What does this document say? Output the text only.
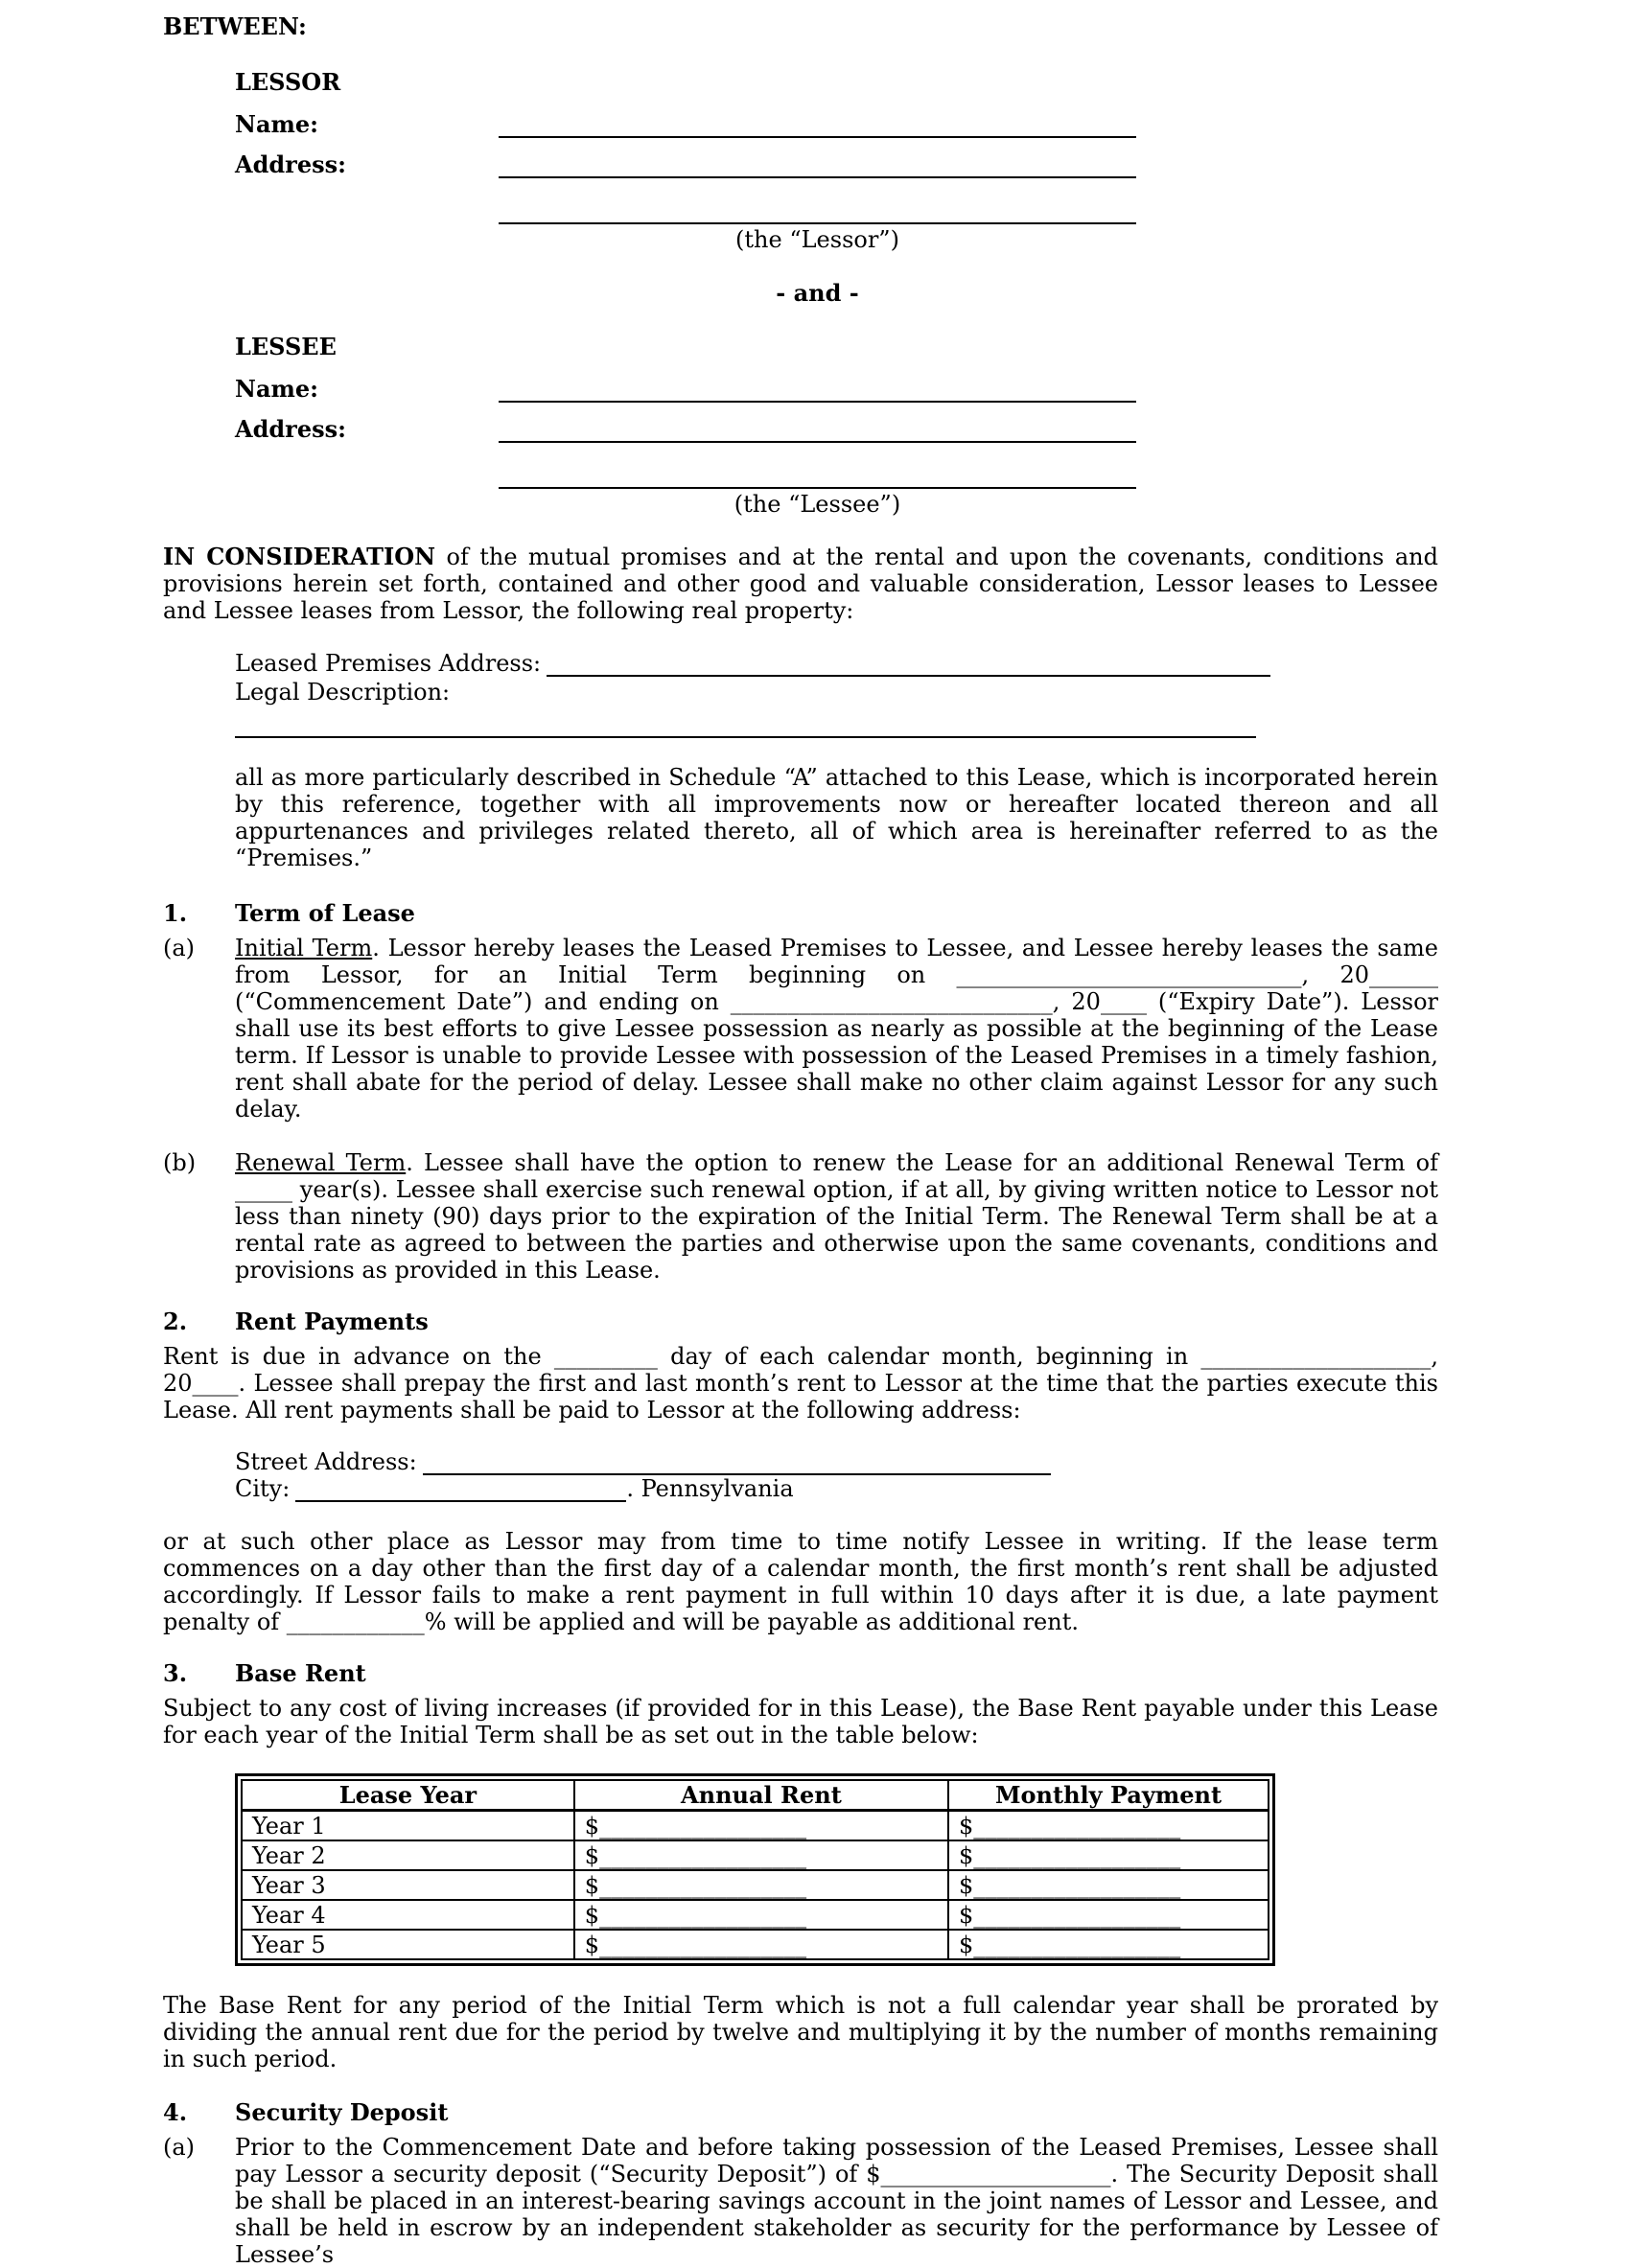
BETWEEN:
LESSOR
Name:
Address:
(the “Lessor”)
- and -
LESSEE
Name:
Address:
(the “Lessee”)

IN CONSIDERATION of the mutual promises and at the rental and upon the covenants, conditions and provisions herein set forth, contained and other good and valuable consideration, Lessor leases to Lessee and Lessee leases from Lessor, the following real property:

Leased Premises Address:
Legal Description:

all as more particularly described in Schedule “A” attached to this Lease, which is incorporated herein by this reference, together with all improvements now or hereafter located thereon and all appurtenances and privileges related thereto, all of which area is hereinafter referred to as the “Premises.”

1.	Term of Lease
(a)	Initial Term. Lessor hereby leases the Leased Premises to Lessee, and Lessee hereby leases the same from Lessor, for an Initial Term beginning on ______________________________, 20______ (“Commencement Date”) and ending on ____________________________, 20____ (“Expiry Date”). Lessor shall use its best efforts to give Lessee possession as nearly as possible at the beginning of the Lease term. If Lessor is unable to provide Lessee with possession of the Leased Premises in a timely fashion, rent shall abate for the period of delay. Lessee shall make no other claim against Lessor for any such delay.

(b)	Renewal Term. Lessee shall have the option to renew the Lease for an additional Renewal Term of _____ year(s). Lessee shall exercise such renewal option, if at all, by giving written notice to Lessor not less than ninety (90) days prior to the expiration of the Initial Term. The Renewal Term shall be at a rental rate as agreed to between the parties and otherwise upon the same covenants, conditions and provisions as provided in this Lease.

2.	Rent Payments

Rent is due in advance on the _________ day of each calendar month, beginning in ____________________, 20____. Lessee shall prepay the first and last month’s rent to Lessor at the time that the parties execute this Lease. All rent payments shall be paid to Lessor at the following address:

Street Address:
City:	. Pennsylvania

or at such other place as Lessor may from time to time notify Lessee in writing. If the lease term commences on a day other than the first day of a calendar month, the first month’s rent shall be adjusted accordingly. If Lessor fails to make a rent payment in full within 10 days after it is due, a late payment penalty of ____________% will be applied and will be payable as additional rent.

3.	Base Rent

Subject to any cost of living increases (if provided for in this Lease), the Base Rent payable under this Lease for each year of the Initial Term shall be as set out in the table below:

Lease Year	Annual Rent	Monthly Payment
Year 1	$__________________	$__________________
Year 2	$__________________	$__________________
Year 3	$__________________	$__________________
Year 4	$__________________	$__________________
Year 5	$__________________	$__________________

The Base Rent for any period of the Initial Term which is not a full calendar year shall be prorated by dividing the annual rent due for the period by twelve and multiplying it by the number of months remaining in such period.

4.	Security Deposit
(a)	Prior to the Commencement Date and before taking possession of the Leased Premises, Lessee shall pay Lessor a security deposit (“Security Deposit”) of $____________________. The Security Deposit shall be shall be placed in an interest-bearing savings account in the joint names of Lessor and Lessee, and shall be held in escrow by an independent stakeholder as security for the performance by Lessee of Lessee’s
